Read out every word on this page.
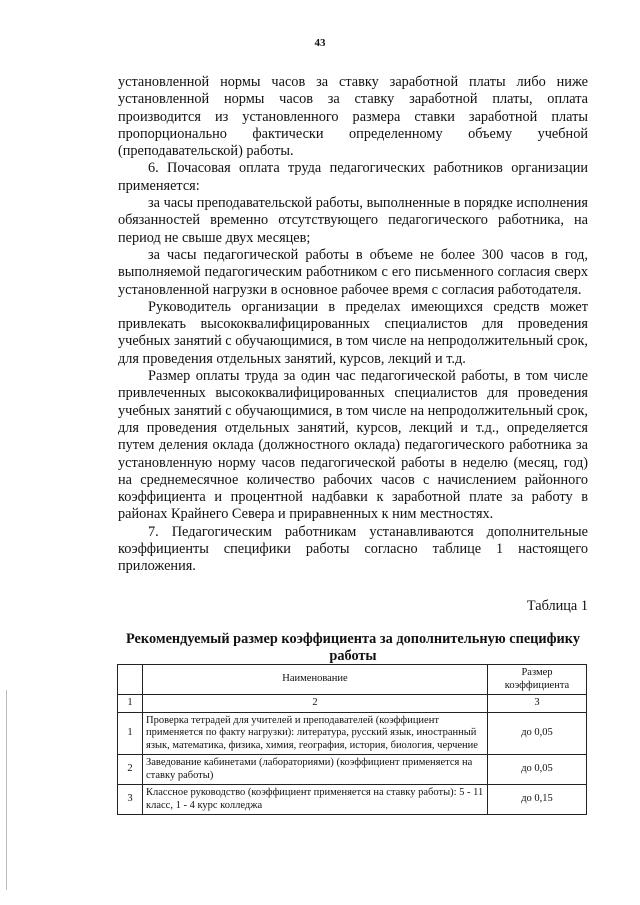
43

установленной нормы часов за ставку заработной платы либо ниже установленной нормы часов за ставку заработной платы, оплата производится из установленного размера ставки заработной платы пропорционально фактически определенному объему учебной (преподавательской) работы.

6. Почасовая оплата труда педагогических работников организации применяется:

за часы преподавательской работы, выполненные в порядке исполнения обязанностей временно отсутствующего педагогического работника, на период не свыше двух месяцев;

за часы педагогической работы в объеме не более 300 часов в год, выполняемой педагогическим работником с его письменного согласия сверх установленной нагрузки в основное рабочее время с согласия работодателя.

Руководитель организации в пределах имеющихся средств может привлекать высококвалифицированных специалистов для проведения учебных занятий с обучающимися, в том числе на непродолжительный срок, для проведения отдельных занятий, курсов, лекций и т.д.

Размер оплаты труда за один час педагогической работы, в том числе привлеченных высококвалифицированных специалистов для проведения учебных занятий с обучающимися, в том числе на непродолжительный срок, для проведения отдельных занятий, курсов, лекций и т.д., определяется путем деления оклада (должностного оклада) педагогического работника за установленную норму часов педагогической работы в неделю (месяц, год) на среднемесячное количество рабочих часов с начислением районного коэффициента и процентной надбавки к заработной плате за работу в районах Крайнего Севера и приравненных к ним местностях.

7. Педагогическим работникам устанавливаются дополнительные коэффициенты специфики работы согласно таблице 1 настоящего приложения.

Таблица 1
Рекомендуемый размер коэффициента за дополнительную специфику работы
	Наименование	Размер коэффициента
1	2	3
1	Проверка тетрадей для учителей и преподавателей (коэффициент применяется по факту нагрузки): литература, русский язык, иностранный язык, математика, физика, химия, география, история, биология, черчение	до 0,05
2	Заведование кабинетами (лабораториями) (коэффициент применяется на ставку работы)	до 0,05
3	Классное руководство (коэффициент применяется на ставку работы): 5 - 11 класс, 1 - 4 курс колледжа	до 0,15
